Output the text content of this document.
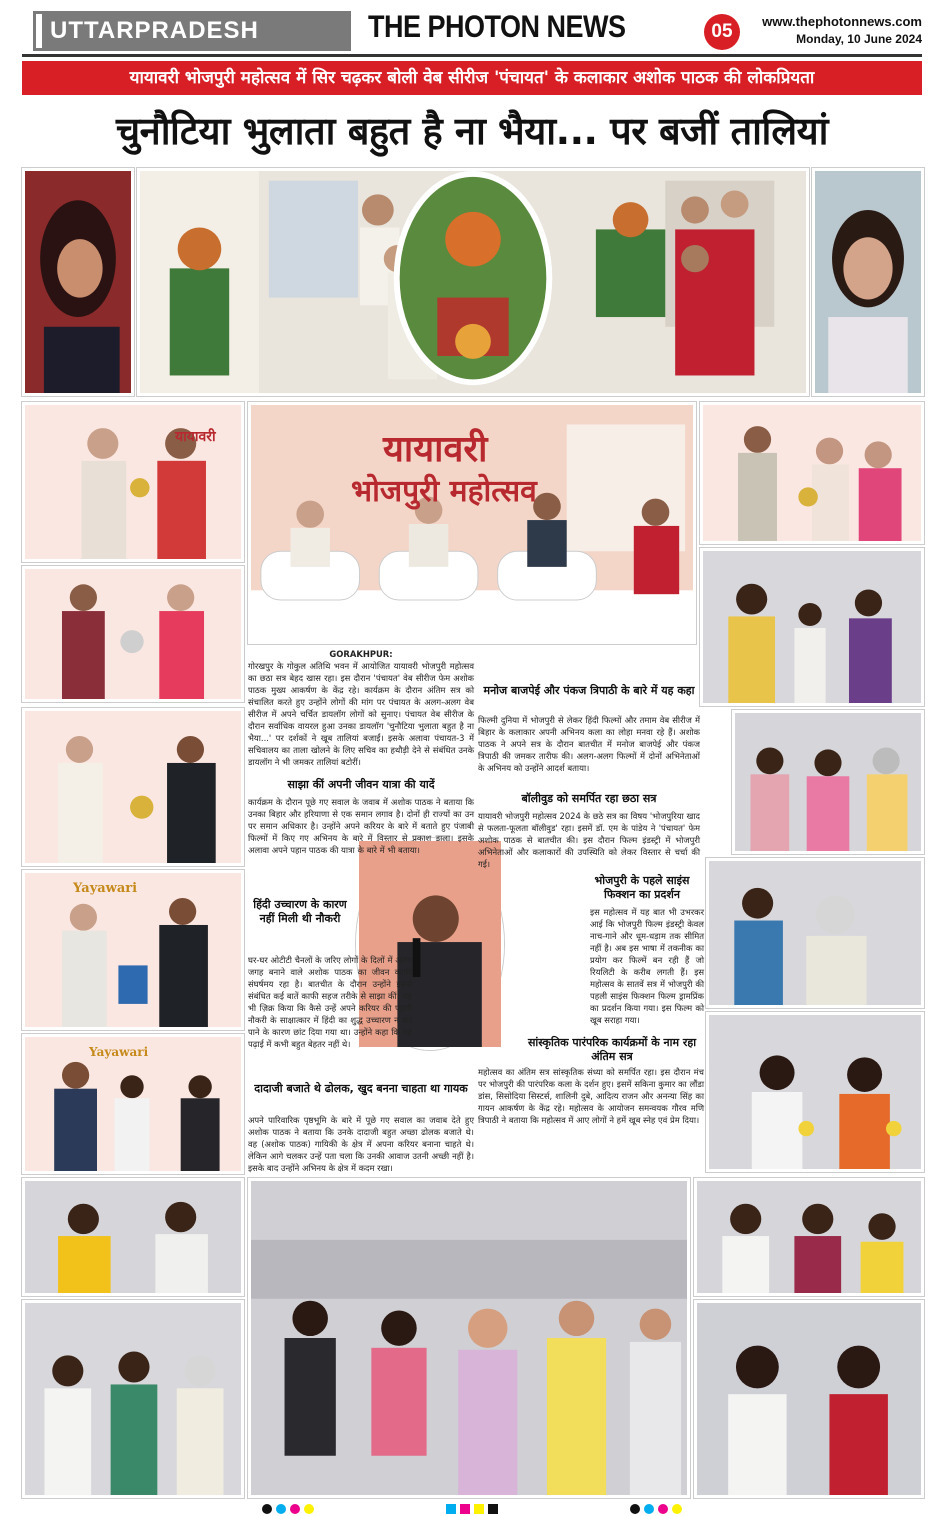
UTTARPRADESH	THE PHOTON NEWS	05	www.thephotonnews.com
Monday, 10 June 2024
यायावरी भोजपुरी महोत्सव में सिर चढ़कर बोली वेब सीरीज 'पंचायत' के कलाकार अशोक पाठक की लोकप्रियता
चुनौटिया भुलाता बहुत है ना भैया... पर बजीं तालियां
यायावरी	यायावरी
भोजपुरी महोत्सव
Yayawari
Yayawari
GORAKHPUR:
गोरखपुर के गोकुल अतिथि भवन में आयोजित यायावरी भोजपुरी महोत्सव का छठा सत्र बेहद खास रहा। इस दौरान 'पंचायत' वेब सीरीज फेम अशोक पाठक मुख्य आकर्षण के केंद्र रहे। कार्यक्रम के दौरान अंतिम सत्र को संचालित करते हुए उन्होंने लोगों की मांग पर पंचायत के अलग-अलग वेब सीरीज में अपने चर्चित डायलॉग लोगों को सुनाए। पंचायत वेब सीरीज के दौरान सर्वाधिक वायरल हुआ उनका डायलॉग 'चुनौटिया भुलाता बहुत है ना भैया...' पर दर्शकों ने खूब तालियां बजाईं। इसके अलावा पंचायत-3 में सचिवालय का ताला खोलने के लिए सचिव का हथौड़ी देने से संबंधित उनके डायलॉग ने भी जमकर तालियां बटोरीं।
साझा कीं अपनी जीवन यात्रा की यादें
कार्यक्रम के दौरान पूछे गए सवाल के जवाब में अशोक पाठक ने बताया कि उनका बिहार और हरियाणा से एक समान लगाव है। दोनों ही राज्यों का उन पर समान अधिकार है। उन्होंने अपने करियर के बारे में बताते हुए पंजाबी फिल्मों में किए गए अभिनय के बारे में विस्तार से प्रकाश डाला। इसके अलावा अपने पहान पाठक की यात्रा के बारे में भी बताया।
हिंदी उच्चारण के कारण नहीं मिली थी नौकरी
घर-घर ओटीटी चैनलों के जरिए लोगों के दिलों में अलग जगह बनाने वाले अशोक पाठक का जीवन काफी संघर्षमय रहा है। बातचीत के दौरान उन्होंने इससे संबंधित कई बातें काफी सहज तरीके से साझा कीं। यह भी ज़िक्र किया कि कैसे उन्हें अपने करियर की पहली नौकरी के साक्षात्कार में हिंदी का शुद्ध उच्चारण न कर पाने के कारण छांट दिया गया था। उन्होंने कहा कि वह पढ़ाई में कभी बहुत बेहतर नहीं थे।
दादाजी बजाते थे ढोलक, खुद बनना चाहता था गायक
अपने पारिवारिक पृष्ठभूमि के बारे में पूछे गए सवाल का जवाब देते हुए अशोक पाठक ने बताया कि उनके दादाजी बहुत अच्छा ढोलक बजाते थे। वह (अशोक पाठक) गायिकी के क्षेत्र में अपना करियर बनाना चाहते थे। लेकिन आगे चलकर उन्हें पता चला कि उनकी आवाज उतनी अच्छी नहीं है। इसके बाद उन्होंने अभिनय के क्षेत्र में कदम रखा।
मनोज बाजपेई और पंकज त्रिपाठी के बारे में यह कहा
फिल्मी दुनिया में भोजपुरी से लेकर हिंदी फिल्मों और तमाम वेब सीरीज में बिहार के कलाकार अपनी अभिनय कला का लोहा मनवा रहे हैं। अशोक पाठक ने अपने सत्र के दौरान बातचीत में मनोज बाजपेई और पंकज त्रिपाठी की जमकर तारीफ की। अलग-अलग फिल्मों में दोनों अभिनेताओं के अभिनय को उन्होंने आदर्श बताया।
बॉलीवुड को समर्पित रहा छठा सत्र
यायावरी भोजपुरी महोत्सव 2024 के छठे सत्र का विषय 'भोजपुरिया खाद से फलता-फूलता बॉलीवुड' रहा। इसमें डॉ. एम के पांडेय ने 'पंचायत' फेम अशोक पाठक से बातचीत की। इस दौरान फिल्म इंडस्ट्री में भोजपुरी अभिनेताओं और कलाकारों की उपस्थिति को लेकर विस्तार से चर्चा की गई।
भोजपुरी के पहले साइंस फिक्शन का प्रदर्शन
इस महोत्सव में यह बात भी उभरकर आई कि भोजपुरी फिल्म इंडस्ट्री केवल नाच-गाने और धूम-धड़ाम तक सीमित नहीं है। अब इस भाषा में तकनीक का प्रयोग कर फिल्में बन रही हैं जो रियलिटी के करीब लगती हैं। इस महोत्सव के सातवें सत्र में भोजपुरी की पहली साइंस फिक्शन फिल्म ड्रामप्रिंक का प्रदर्शन किया गया। इस फिल्म को खूब सराहा गया।
सांस्कृतिक पारंपरिक कार्यक्रमों के नाम रहा अंतिम सत्र
महोत्सव का अंतिम सत्र सांस्कृतिक संध्या को समर्पित रहा। इस दौरान मंच पर भोजपुरी की पारंपरिक कला के दर्शन हुए। इसमें सकिना कुमार का लौंडा डांस, सिसोदिया सिस्टर्स, शालिनी दुबे, आदित्य राजन और अनन्या सिंह का गायन आकर्षण के केंद्र रहे। महोत्सव के आयोजन समन्वयक गौरव मणि त्रिपाठी ने बताया कि महोत्सव में आए लोगों ने हमें खूब स्नेह एवं प्रेम दिया।
